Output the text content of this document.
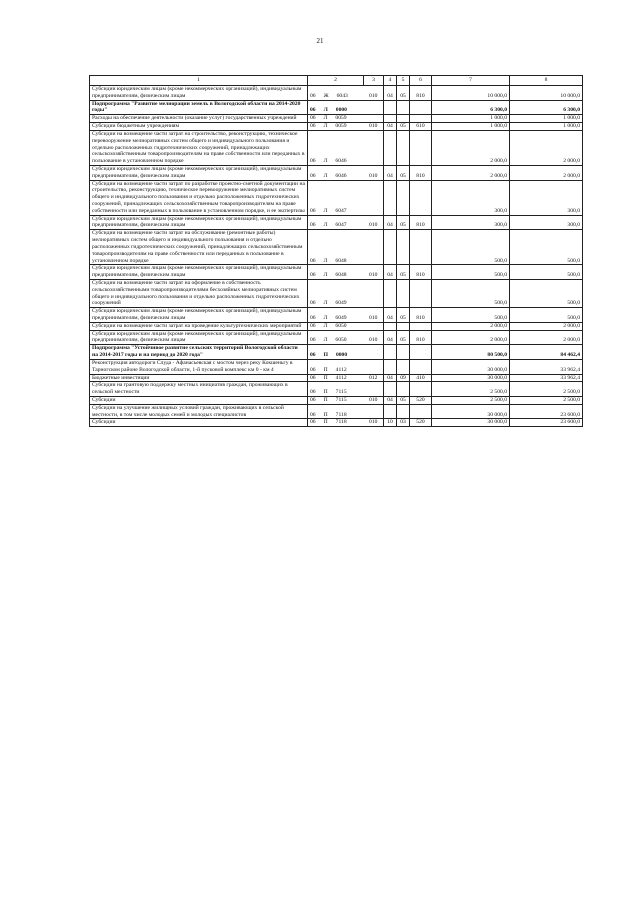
21
1	2	3	4	5	6	7	8
Субсидии юридическим лицам (кроме некоммерческих организаций), индивидуальным предпринимателям, физическим лицам	06 Ж 6043	010	04	05	810	10 000,0	10 000,0
Подпрограмма "Развитие мелиорации земель в Вологодской области на 2014-2020 годы"	06 Л 0000					6 300,0	6 300,0
Расходы на обеспечение деятельности (оказание услуг) государственных учреждений	06 Л 0059					1 000,0	1 000,0
Субсидии бюджетным учреждениям	06 Л 0059	010	04	05	610	1 000,0	1 000,0
Субсидии на возмещение части затрат на строительство, реконструкцию, техническое перевооружение мелиоративных систем общего и индивидуального пользования и отдельно расположенных гидротехнических сооружений, принадлежащих сельскохозяйственным товаропроизводителям на праве собственности или переданных в пользование в установленном порядке	06 Л 6046					2 000,0	2 000,0
Субсидии юридическим лицам (кроме некоммерческих организаций), индивидуальным предпринимателям, физическим лицам	06 Л 6046	010	04	05	810	2 000,0	2 000,0
Субсидии на возмещение части затрат по разработке проектно-сметной документации на строительство, реконструкцию, техническое перевооружение мелиоративных систем общего и индивидуального пользования и отдельно расположенных гидротехнических сооружений, принадлежащих сельскохозяйственным товаропроизводителям на праве собственности или переданных в пользование в установленном порядке, и ее экспертизы	06 Л 6047					300,0	300,0
Субсидии юридическим лицам (кроме некоммерческих организаций), индивидуальным предпринимателям, физическим лицам	06 Л 6047	010	04	05	810	300,0	300,0
Субсидии на возмещение части затрат на обслуживание (ремонтные работы) мелиоративных систем общего и индивидуального пользования и отдельно расположенных гидротехнических сооружений, принадлежащих сельскохозяйственным товаропроизводителям на праве собственности или переданных в пользование в установленном порядке	06 Л 6048					500,0	500,0
Субсидии юридическим лицам (кроме некоммерческих организаций), индивидуальным предпринимателям, физическим лицам	06 Л 6048	010	04	05	810	500,0	500,0
Субсидии на возмещение части затрат на оформление в собственность сельскохозяйственными товаропроизводителями бесхозяйных мелиоративных систем общего и индивидуального пользования и отдельно расположенных гидротехнических сооружений	06 Л 6049					500,0	500,0
Субсидии юридическим лицам (кроме некоммерческих организаций), индивидуальным предпринимателям, физическим лицам	06 Л 6049	010	04	05	810	500,0	500,0
Субсидии на возмещение части затрат на проведение культуртехнических мероприятий	06 Л 6050					2 000,0	2 000,0
Субсидии юридическим лицам (кроме некоммерческих организаций), индивидуальным предпринимателям, физическим лицам	06 Л 6050	010	04	05	810	2 000,0	2 000,0
Подпрограмма "Устойчивое развитие сельских территорий Вологодской области на 2014-2017 годы и на период до 2020 года"	06 П 0000					80 500,0	84 462,4
Реконструкция автодороги Слуда - Афанасьевская с мостом через реку Кокшеньгу в Тарногском районе Вологодской области, 1-й пусковой комплекс км 0 - км 4	06 П 4112					30 000,0	33 962,4
Бюджетные инвестиции	06 П 4112	012	04	09	410	30 000,0	33 962,4
Субсидии на грантовую поддержку местных инициатив граждан, проживающих в сельской местности	06 П 7115					2 500,0	2 500,0
Субсидии	06 П 7115	010	04	05	520	2 500,0	2 500,0
Субсидии на улучшение жилищных условий граждан, проживающих в сельской местности, в том числе молодых семей и молодых специалистов	06 П 7118					30 000,0	23 600,0
Субсидии	06 П 7118	010	10	03	520	30 000,0	23 600,0
